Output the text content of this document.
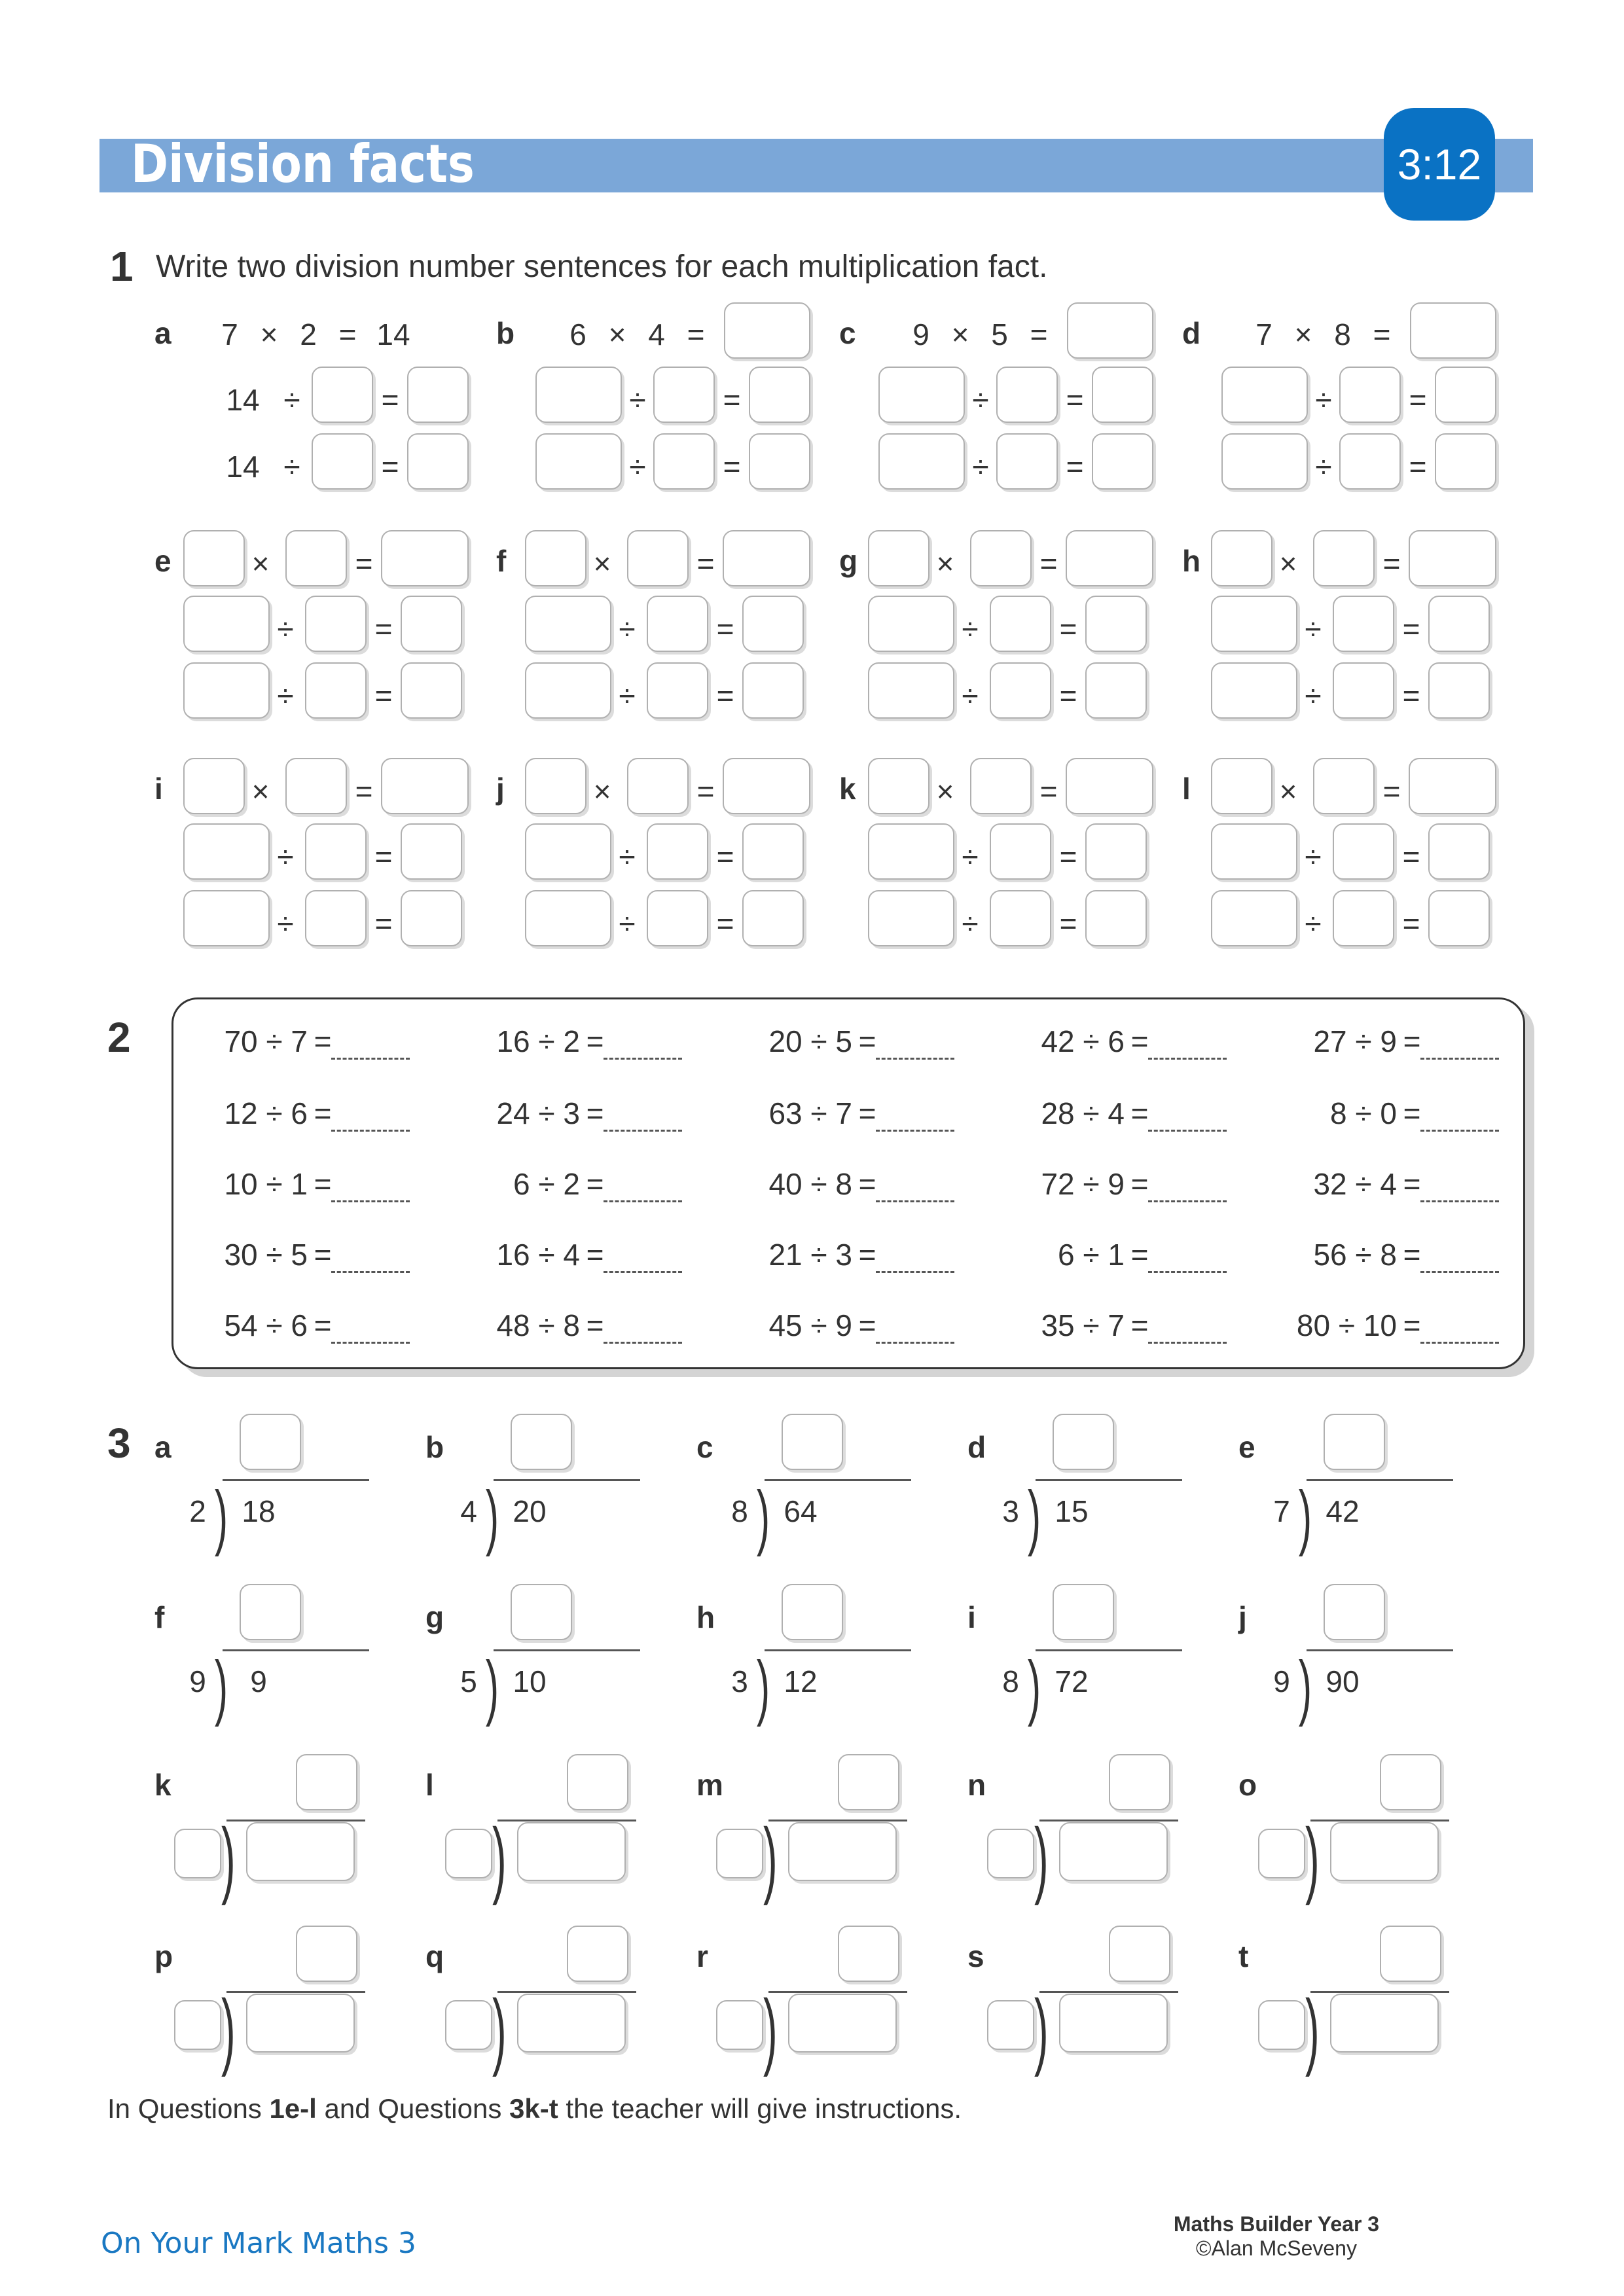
Division facts	3:12
1 Write two division number sentences for each multiplication fact.
2
3
In Questions 1e-l and Questions 3k-t the teacher will give instructions.
On Your Mark Maths 3
Maths Builder Year 3
©Alan McSeveny
a	7 × 2 = 14
14 ÷	=
14 ÷	=
b 6 × 4 =
÷	=
÷	=
c	9 × 5 =
÷	=
÷	=
d 7 × 8 =
÷	=
÷	=
e	×	=
÷	=
÷	=
f	×	=
÷	=
÷	=
g	×	=
÷	=
÷	=
h	×	=
÷	=
÷	=
i	×	=
÷	=
÷	=
j	×	=
÷	=
÷	=
k	×	=
÷	=
÷	=
l	×	=
÷	=
÷	=
70 ÷ 7 =	16 ÷ 2 =	20 ÷ 5 =	42 ÷ 6 =	27 ÷ 9 =
12 ÷ 6 =	24 ÷ 3 =	63 ÷ 7 =	28 ÷ 4 =	8 ÷ 0 =
10 ÷ 1 =	6 ÷ 2 =	40 ÷ 8 =	72 ÷ 9 =	32 ÷ 4 =
30 ÷ 5 =	16 ÷ 4 =	21 ÷ 3 =	6 ÷ 1 =	56 ÷ 8 =
54 ÷ 6 =	48 ÷ 8 =	45 ÷ 9 =	35 ÷ 7 =	80 ÷ 10 =
a
2 ) 18
b
4 ) 20
c
8 ) 64
d
3 ) 15
e
7 ) 42
f
9 ) 9
g
5 ) 10
h
3 ) 12
i
8 ) 72
j
9 ) 90
k
)
l
)
m
)
n
)
o
)
p
)
q
)
r
)
s
)
t
)
